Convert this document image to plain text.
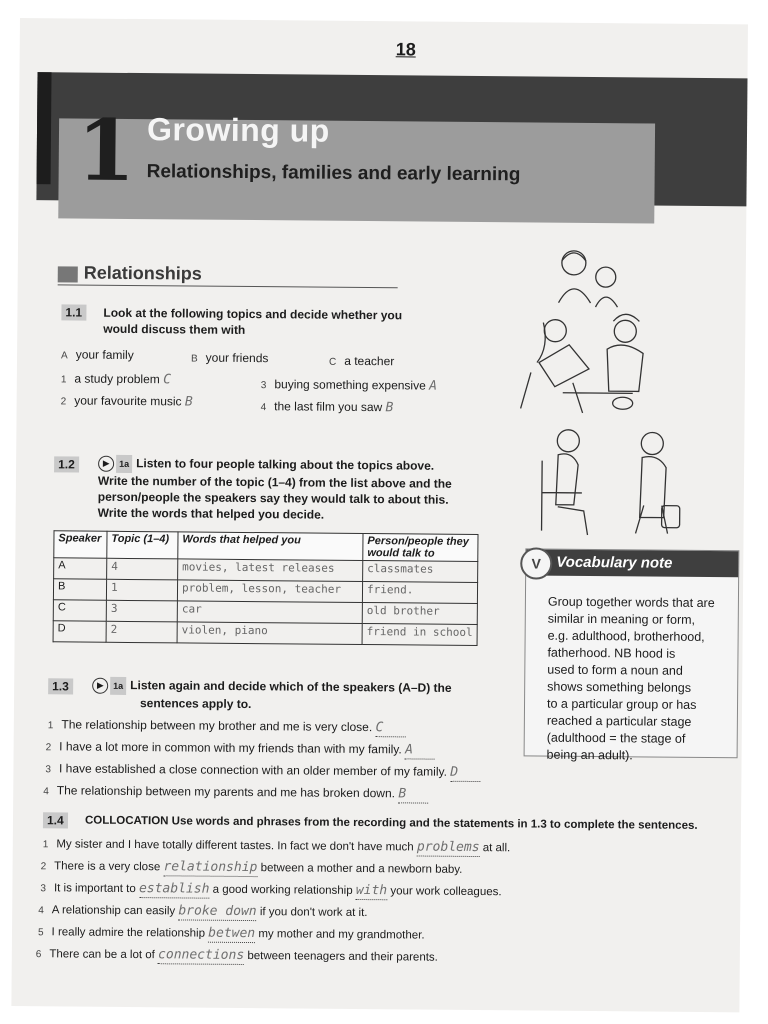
18
1 Growing up
Relationships, families and early learning
Relationships
1.1	Look at the following topics and decide whether you would discuss them with
A your family	B your friends	C a teacher
1 a study problem C
2 your favourite music B
3 buying something expensive A
4 the last film you saw B
1.2	▶ 1a Listen to four people talking about the topics above.
Write the number of the topic (1–4) from the list above and the
person/people the speakers say they would talk to about this.
Write the words that helped you decide.
Speaker	Topic (1–4)	Words that helped you	Person/people they would talk to
A	4	movies, latest releases	classmates
B	1	problem, lesson, teacher	friend.
C	3	car	old brother
D	2	violen, piano	friend in school
Vocabulary note
V
Group together words that are
similar in meaning or form,
e.g. adulthood, brotherhood,
fatherhood. NB hood is
used to form a noun and
shows something belongs
to a particular group or has
reached a particular stage
(adulthood = the stage of
being an adult).
1.3	▶ 1a Listen again and decide which of the speakers (A–D) the
sentences apply to.
1 The relationship between my brother and me is very close. C
2 I have a lot more in common with my friends than with my family. A
3 I have established a close connection with an older member of my family. D
4 The relationship between my parents and me has broken down. B
1.4	COLLOCATION Use words and phrases from the recording and the statements in 1.3 to complete the sentences.
1 My sister and I have totally different tastes. In fact we don't have much problems at all.
2 There is a very close relationship between a mother and a newborn baby.
3 It is important to establish a good working relationship with your work colleagues.
4 A relationship can easily broke down if you don't work at it.
5 I really admire the relationship betwen my mother and my grandmother.
6 There can be a lot of connections between teenagers and their parents.
